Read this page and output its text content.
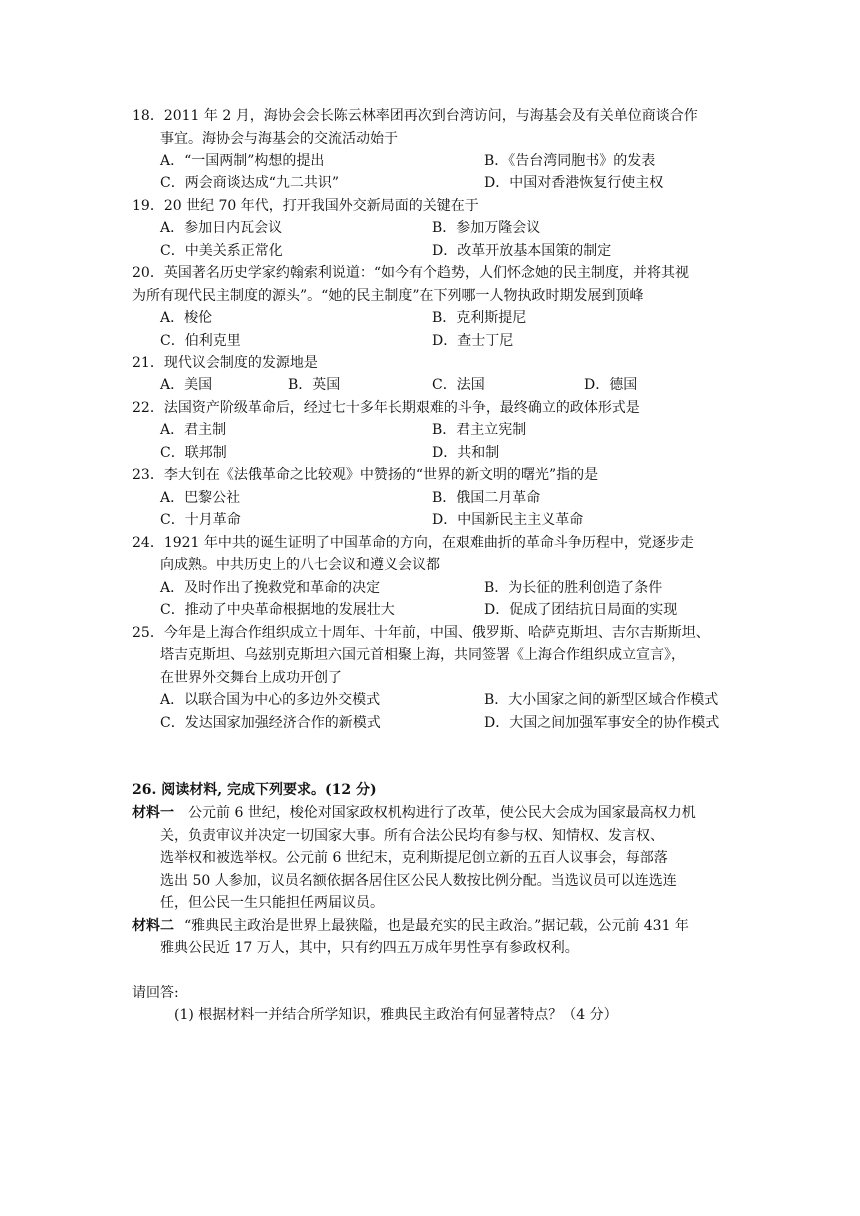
18．2011 年 2 月，海协会会长陈云林率团再次到台湾访问，与海基会及有关单位商谈合作
事宜。海协会与海基会的交流活动始于
A．“一国两制”构想的提出	B．《告台湾同胞书》的发表
C．两会商谈达成“九二共识”	D．中国对香港恢复行使主权
19．20 世纪 70 年代，打开我国外交新局面的关键在于
A．参加日内瓦会议	B．参加万隆会议
C．中美关系正常化	D．改革开放基本国策的制定
20．英国著名历史学家约翰索利说道：“如今有个趋势，人们怀念她的民主制度，并将其视
为所有现代民主制度的源头”。“她的民主制度”在下列哪一人物执政时期发展到顶峰
A．梭伦	B．克利斯提尼
C．伯利克里	D．查士丁尼
21．现代议会制度的发源地是
A．美国	B．英国	C．法国	D．德国
22．法国资产阶级革命后，经过七十多年长期艰难的斗争，最终确立的政体形式是
A．君主制	B．君主立宪制
C．联邦制	D．共和制
23．李大钊在《法俄革命之比较观》中赞扬的“世界的新文明的曙光”指的是
A．巴黎公社	B．俄国二月革命
C．十月革命	D．中国新民主主义革命
24．1921 年中共的诞生证明了中国革命的方向，在艰难曲折的革命斗争历程中，党逐步走
向成熟。中共历史上的八七会议和遵义会议都
A．及时作出了挽救党和革命的决定	B．为长征的胜利创造了条件
C．推动了中央革命根据地的发展壮大	D．促成了团结抗日局面的实现
25．今年是上海合作组织成立十周年、十年前，中国、俄罗斯、哈萨克斯坦、吉尔吉斯斯坦、
塔吉克斯坦、乌兹别克斯坦六国元首相聚上海，共同签署《上海合作组织成立宣言》，
在世界外交舞台上成功开创了
A．以联合国为中心的多边外交模式	B．大小国家之间的新型区域合作模式
C．发达国家加强经济合作的新模式	D．大国之间加强军事安全的协作模式
26. 阅读材料, 完成下列要求。(12 分)
材料一 公元前 6 世纪，梭伦对国家政权机构进行了改革，使公民大会成为国家最高权力机
关，负责审议并决定一切国家大事。所有合法公民均有参与权、知情权、发言权、
选举权和被选举权。公元前 6 世纪末，克利斯提尼创立新的五百人议事会，每部落
选出 50 人参加，议员名额依据各居住区公民人数按比例分配。当选议员可以连选连
任，但公民一生只能担任两届议员。
材料二 “雅典民主政治是世界上最狭隘，也是最充实的民主政治。”据记载，公元前 431 年
雅典公民近 17 万人，其中，只有约四五万成年男性享有参政权利。
请回答:
(1) 根据材料一并结合所学知识，雅典民主政治有何显著特点？（4 分）
